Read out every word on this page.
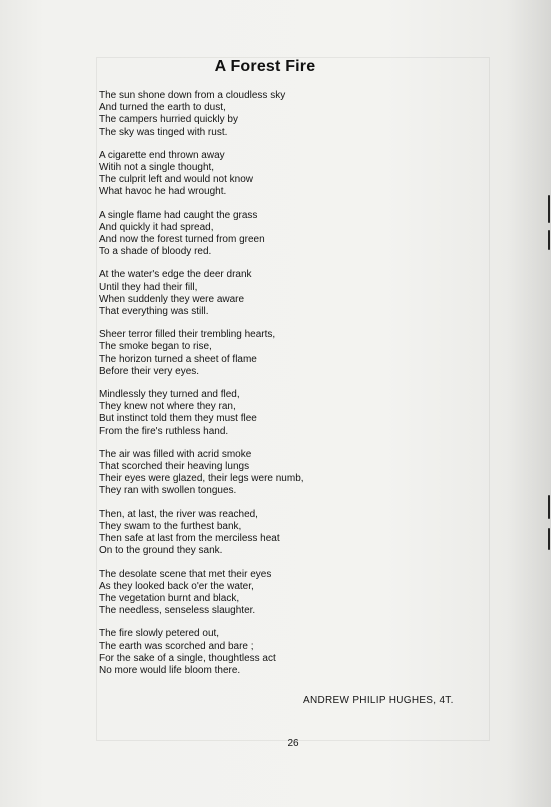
A Forest Fire
The sun shone down from a cloudless sky
And turned the earth to dust,
The campers hurried quickly by
The sky was tinged with rust.
A cigarette end thrown away
Witih not a single thought,
The culprit left and would not know
What havoc he had wrought.
A single flame had caught the grass
And quickly it had spread,
And now the forest turned from green
To a shade of bloody red.
At the water's edge the deer drank
Until they had their fill,
When suddenly they were aware
That everything was still.
Sheer terror filled their trembling hearts,
The smoke began to rise,
The horizon turned a sheet of flame
Before their very eyes.
Mindlessly they turned and fled,
They knew not where they ran,
But instinct told them they must flee
From the fire's ruthless hand.
The air was filled with acrid smoke
That scorched their heaving lungs
Their eyes were glazed, their legs were numb,
They ran with swollen tongues.
Then, at last, the river was reached,
They swam to the furthest bank,
Then safe at last from the merciless heat
On to the ground they sank.
The desolate scene that met their eyes
As they looked back o'er the water,
The vegetation burnt and black,
The needless, senseless slaughter.
The fire slowly petered out,
The earth was scorched and bare ;
For the sake of a single, thoughtless act
No more would life bloom there.
ANDREW PHILIP HUGHES, 4T.
26
